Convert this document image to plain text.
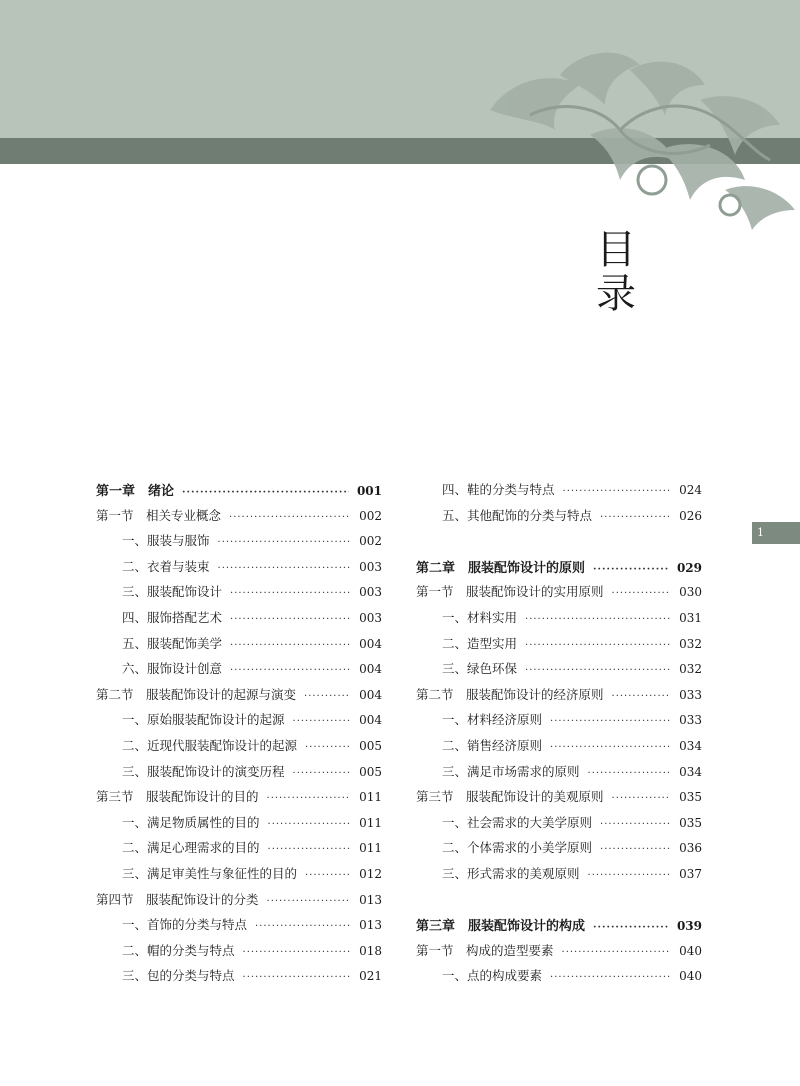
目
录
1
第一章　绪论 ·····	001
第一节　相关专业概念 ·····	002
一、服装与服饰 ·····	002
二、衣着与装束 ·····	003
三、服装配饰设计 ·····	003
四、服饰搭配艺术 ·····	003
五、服装配饰美学 ·····	004
六、服饰设计创意 ·····	004
第二节　服装配饰设计的起源与演变 ·····	004
一、原始服装配饰设计的起源 ·····	004
二、近现代服装配饰设计的起源 ·····	005
三、服装配饰设计的演变历程 ·····	005
第三节　服装配饰设计的目的 ·····	011
一、满足物质属性的目的 ·····	011
二、满足心理需求的目的 ·····	011
三、满足审美性与象征性的目的 ·····	012
第四节　服装配饰设计的分类 ·····	013
一、首饰的分类与特点 ·····	013
二、帽的分类与特点 ·····	018
三、包的分类与特点 ·····	021
四、鞋的分类与特点 ·····	024
五、其他配饰的分类与特点 ·····	026
第二章　服装配饰设计的原则 ·····	029
第一节　服装配饰设计的实用原则 ·····	030
一、材料实用 ·····	031
二、造型实用 ·····	032
三、绿色环保 ·····	032
第二节　服装配饰设计的经济原则 ·····	033
一、材料经济原则 ·····	033
二、销售经济原则 ·····	034
三、满足市场需求的原则 ·····	034
第三节　服装配饰设计的美观原则 ·····	035
一、社会需求的大美学原则 ·····	035
二、个体需求的小美学原则 ·····	036
三、形式需求的美观原则 ·····	037
第三章　服装配饰设计的构成 ·····	039
第一节　构成的造型要素 ·····	040
一、点的构成要素 ·····	040
